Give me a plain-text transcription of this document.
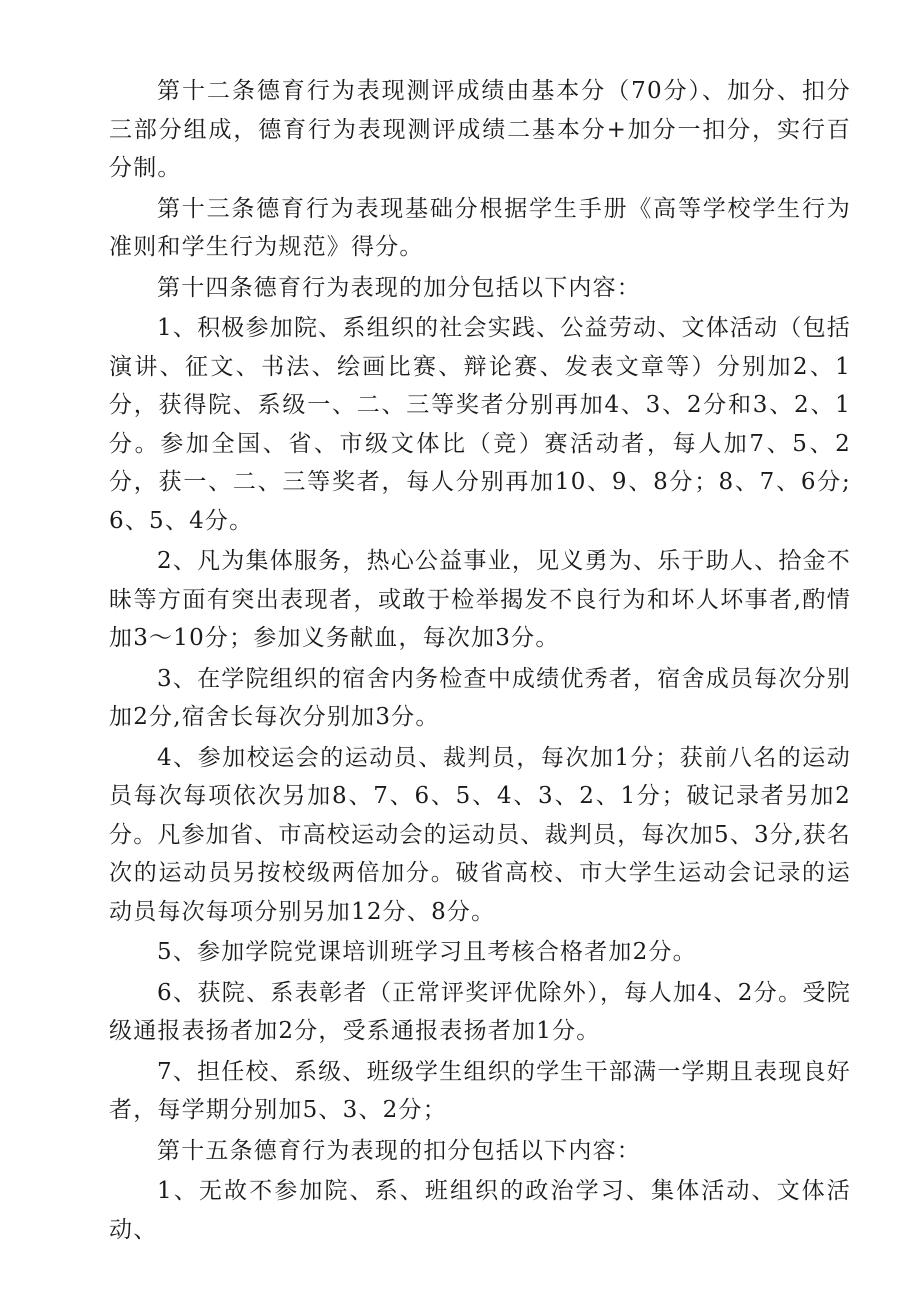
第十二条德育行为表现测评成绩由基本分（70分）、加分、扣分三部分组成，德育行为表现测评成绩二基本分+加分一扣分，实行百分制。

第十三条德育行为表现基础分根据学生手册《高等学校学生行为准则和学生行为规范》得分。

第十四条德育行为表现的加分包括以下内容：

1、积极参加院、系组织的社会实践、公益劳动、文体活动（包括演讲、征文、书法、绘画比赛、辩论赛、发表文章等）分别加2、1分，获得院、系级一、二、三等奖者分别再加4、3、2分和3、2、1分。参加全国、省、市级文体比（竞）赛活动者，每人加7、5、2分，获一、二、三等奖者，每人分别再加10、9、8分；8、7、6分;6、5、4分。

2、凡为集体服务，热心公益事业，见义勇为、乐于助人、拾金不昧等方面有突出表现者，或敢于检举揭发不良行为和坏人坏事者,酌情加3～10分；参加义务献血，每次加3分。

3、在学院组织的宿舍内务检查中成绩优秀者，宿舍成员每次分别加2分,宿舍长每次分别加3分。

4、参加校运会的运动员、裁判员，每次加1分；获前八名的运动员每次每项依次另加8、7、6、5、4、3、2、1分；破记录者另加2分。凡参加省、市高校运动会的运动员、裁判员，每次加5、3分,获名次的运动员另按校级两倍加分。破省高校、市大学生运动会记录的运动员每次每项分别另加12分、8分。

5、参加学院党课培训班学习且考核合格者加2分。

6、获院、系表彰者（正常评奖评优除外），每人加4、2分。受院级通报表扬者加2分，受系通报表扬者加1分。

7、担任校、系级、班级学生组织的学生干部满一学期且表现良好者，每学期分别加5、3、2分；

第十五条德育行为表现的扣分包括以下内容：

1、无故不参加院、系、班组织的政治学习、集体活动、文体活动、
